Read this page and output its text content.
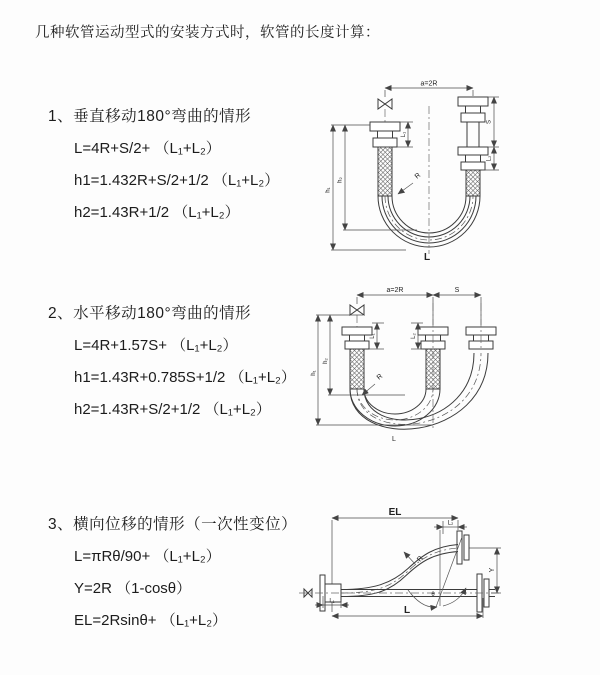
几种软管运动型式的安装方式时，软管的长度计算：
1、垂直移动180°弯曲的情形
L=4R+S/2+ （L₁+L₂）
h1=1.432R+S/2+1/2 （L₁+L₂）
h2=1.43R+1/2 （L₁+L₂）
2、水平移动180°弯曲的情形
L=4R+1.57S+ （L₁+L₂）
h1=1.43R+0.785S+1/2 （L₁+L₂）
h2=1.43R+S/2+1/2 （L₁+L₂）
3、横向位移的情形（一次性变位）
L=πRθ/90+ （L₁+L₂）
Y=2R （1-cosθ）
EL=2Rsinθ+ （L₁+L₂）
a=2R
h₁
h₂
L₁
S
L₂
R
L
a=2R	S
h₁
h₂
L₁	L₂
R
L
EL
L₂
θ
Y
L
L₁
R
